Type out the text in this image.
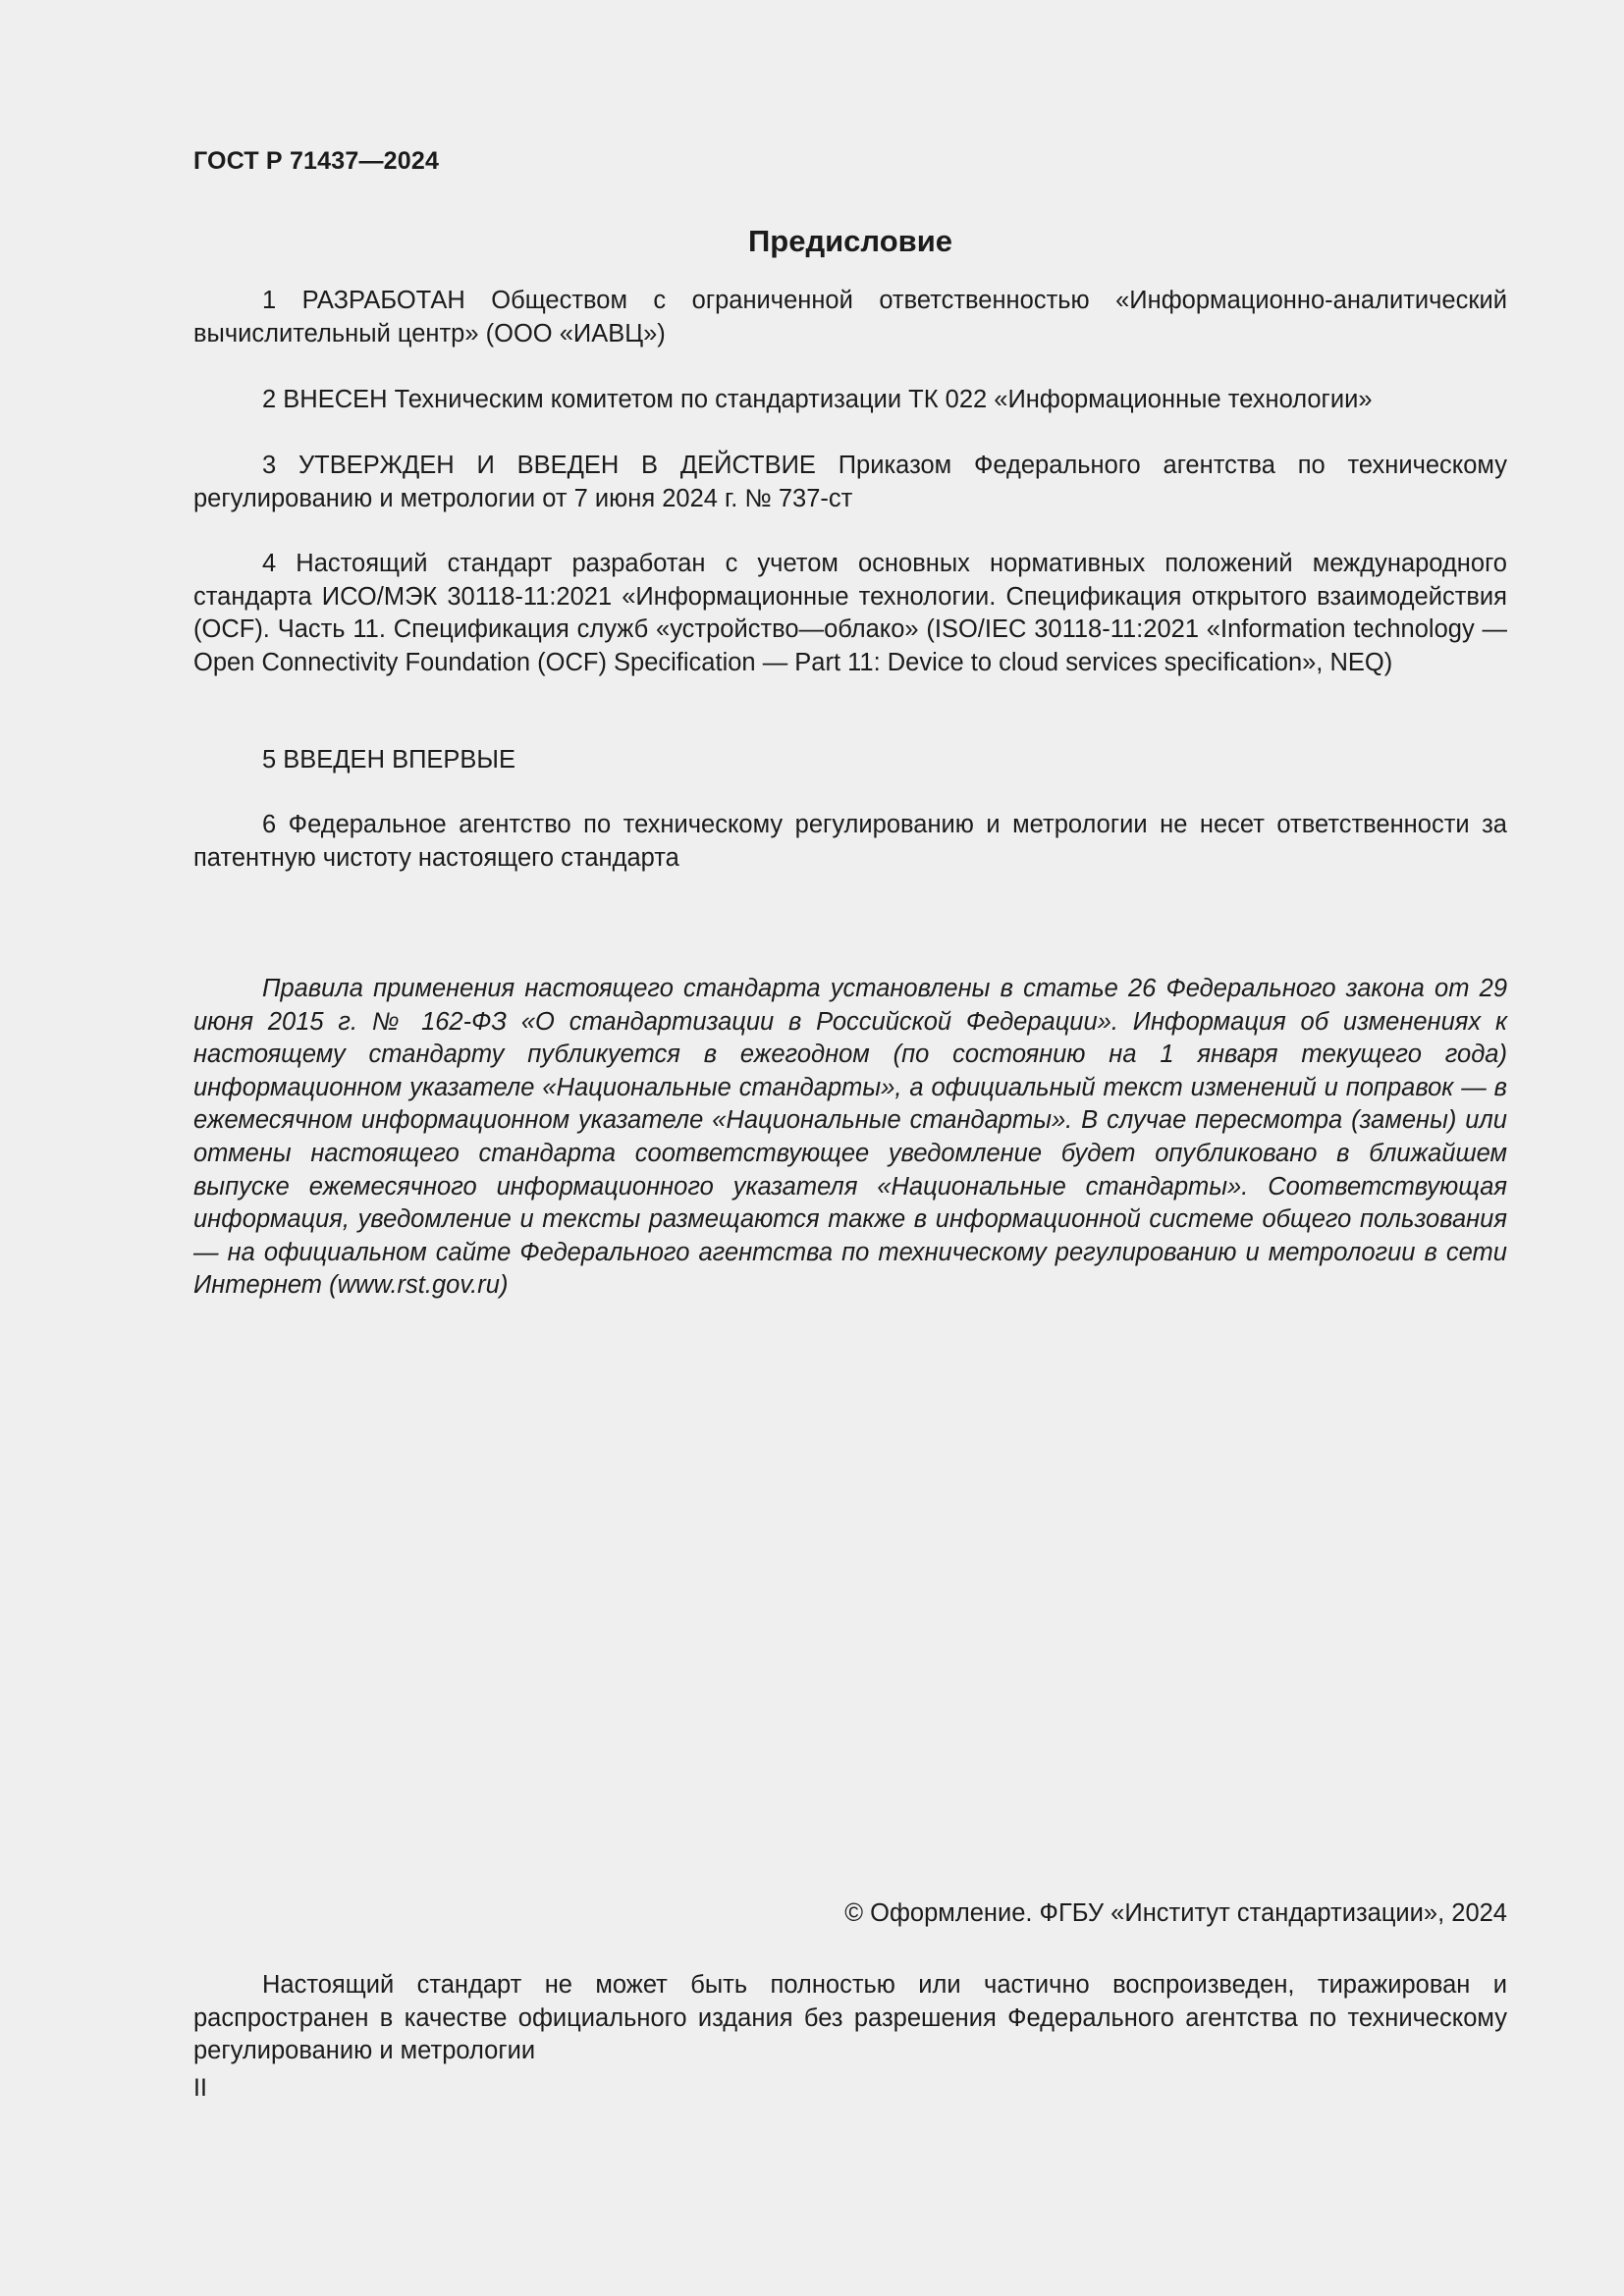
ГОСТ Р 71437—2024
Предисловие

1 РАЗРАБОТАН Обществом с ограниченной ответственностью «Информационно-аналитический вычислительный центр» (ООО «ИАВЦ»)

2 ВНЕСЕН Техническим комитетом по стандартизации ТК 022 «Информационные технологии»

3 УТВЕРЖДЕН И ВВЕДЕН В ДЕЙСТВИЕ Приказом Федерального агентства по техническому регулированию и метрологии от 7 июня 2024 г. № 737-ст

4 Настоящий стандарт разработан с учетом основных нормативных положений международного стандарта ИСО/МЭК 30118-11:2021 «Информационные технологии. Спецификация открытого взаимодействия (OCF). Часть 11. Спецификация служб «устройство—облако» (ISO/IEC 30118-11:2021 «Information technology — Open Connectivity Foundation (OCF) Specification — Part 11: Device to cloud services specification», NEQ)

5 ВВЕДЕН ВПЕРВЫЕ

6 Федеральное агентство по техническому регулированию и метрологии не несет ответственности за патентную чистоту настоящего стандарта

Правила применения настоящего стандарта установлены в статье 26 Федерального закона от 29 июня 2015 г. № 162-ФЗ «О стандартизации в Российской Федерации». Информация об изменениях к настоящему стандарту публикуется в ежегодном (по состоянию на 1 января текущего года) информационном указателе «Национальные стандарты», а официальный текст изменений и поправок — в ежемесячном информационном указателе «Национальные стандарты». В случае пересмотра (замены) или отмены настоящего стандарта соответствующее уведомление будет опубликовано в ближайшем выпуске ежемесячного информационного указателя «Национальные стандарты». Соответствующая информация, уведомление и тексты размещаются также в информационной системе общего пользования — на официальном сайте Федерального агентства по техническому регулированию и метрологии в сети Интернет (www.rst.gov.ru)

© Оформление. ФГБУ «Институт стандартизации», 2024

Настоящий стандарт не может быть полностью или частично воспроизведен, тиражирован и распространен в качестве официального издания без разрешения Федерального агентства по техническому регулированию и метрологии

II
